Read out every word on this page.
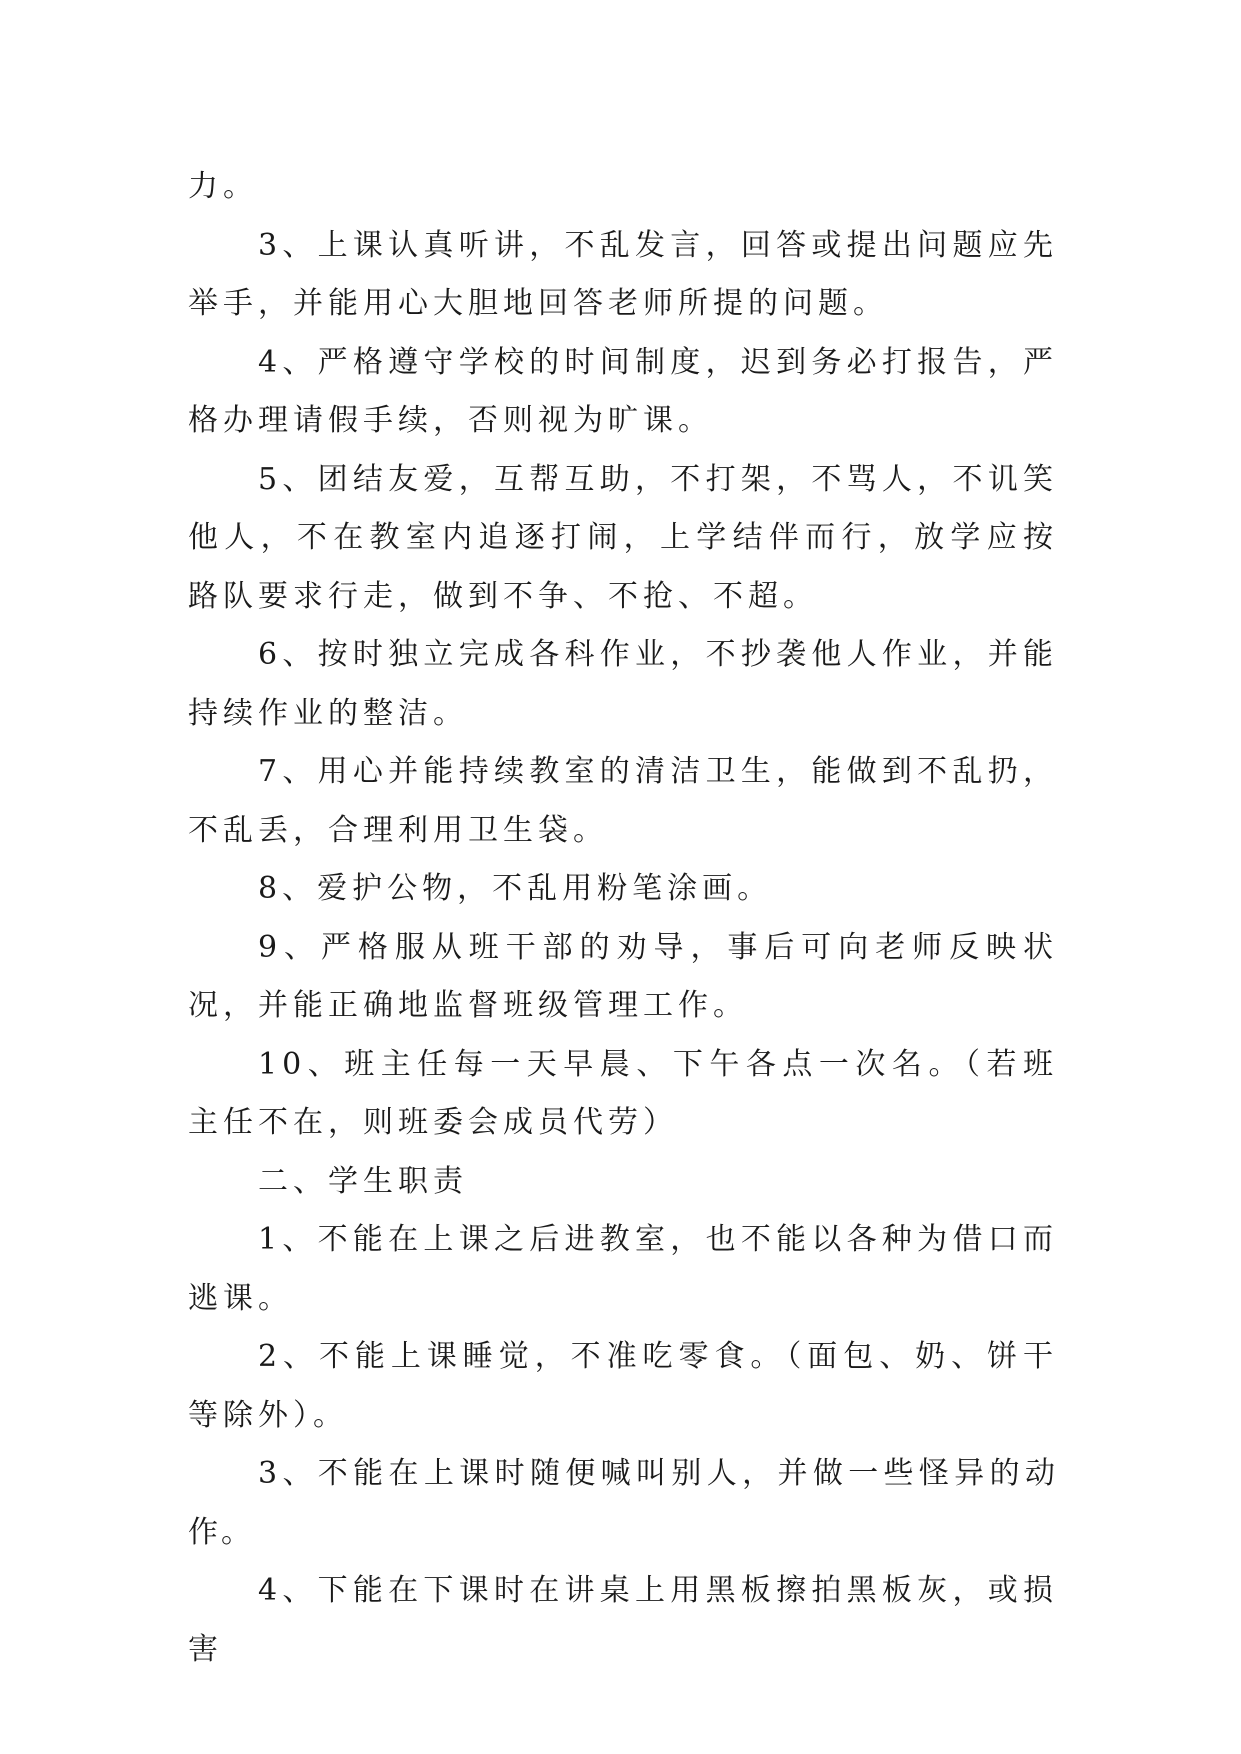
力。

3、上课认真听讲，不乱发言，回答或提出问题应先举手，并能用心大胆地回答老师所提的问题。

4、严格遵守学校的时间制度，迟到务必打报告，严格办理请假手续，否则视为旷课。

5、团结友爱，互帮互助，不打架，不骂人，不讥笑他人，不在教室内追逐打闹，上学结伴而行，放学应按路队要求行走，做到不争、不抢、不超。

6、按时独立完成各科作业，不抄袭他人作业，并能持续作业的整洁。

7、用心并能持续教室的清洁卫生，能做到不乱扔，不乱丢，合理利用卫生袋。

8、爱护公物，不乱用粉笔涂画。

9、严格服从班干部的劝导，事后可向老师反映状况，并能正确地监督班级管理工作。

10、班主任每一天早晨、下午各点一次名。（若班主任不在，则班委会成员代劳）

二、学生职责

1、不能在上课之后进教室，也不能以各种为借口而逃课。

2、不能上课睡觉，不准吃零食。（面包、奶、饼干等除外）。

3、不能在上课时随便喊叫别人，并做一些怪异的动作。

4、下能在下课时在讲桌上用黑板擦拍黑板灰，或损害
